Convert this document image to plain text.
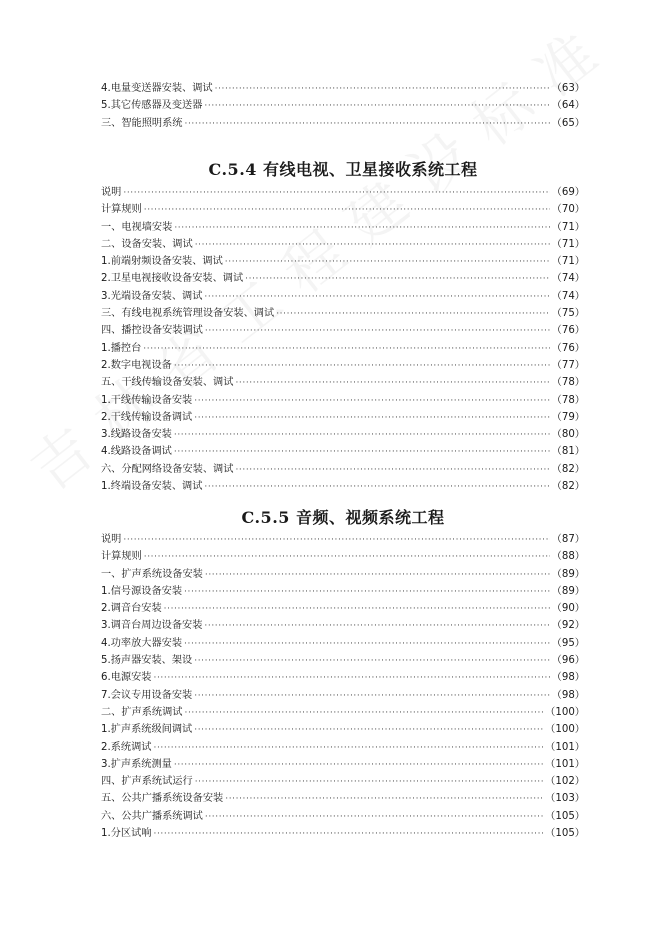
4.电量变送器安装、调试 ·····	（63）
5.其它传感器及变送器 ·····	（64）
三、智能照明系统 ·····	（65）
C.5.4 有线电视、卫星接收系统工程
说明 ·····	（69）
计算规则 ·····	（70）
一、电视墙安装 ·····	（71）
二、设备安装、调试 ·····	（71）
1.前端射频设备安装、调试 ·····	（71）
2.卫星电视接收设备安装、调试 ·····	（74）
3.光端设备安装、调试 ·····	（74）
三、有线电视系统管理设备安装、调试 ·····	（75）
四、播控设备安装调试 ·····	（76）
1.播控台 ·····	（76）
2.数字电视设备 ·····	（77）
五、干线传输设备安装、调试 ·····	（78）
1.干线传输设备安装 ·····	（78）
2.干线传输设备调试 ·····	（79）
3.线路设备安装 ·····	（80）
4.线路设备调试 ·····	（81）
六、分配网络设备安装、调试 ·····	（82）
1.终端设备安装、调试 ·····	（82）
C.5.5 音频、视频系统工程
说明 ·····	（87）
计算规则 ·····	（88）
一、扩声系统设备安装 ·····	（89）
1.信号源设备安装 ·····	（89）
2.调音台安装 ·····	（90）
3.调音台周边设备安装 ·····	（92）
4.功率放大器安装 ·····	（95）
5.扬声器安装、架设 ·····	（96）
6.电源安装 ·····	（98）
7.会议专用设备安装 ·····	（98）
二、扩声系统调试 ·····	（100）
1.扩声系统级间调试 ·····	（100）
2.系统调试 ·····	（101）
3.扩声系统测量 ·····	（101）
四、扩声系统试运行 ·····	（102）
五、公共广播系统设备安装 ·····	（103）
六、公共广播系统调试 ·····	（105）
1.分区试响 ·····	（105）
